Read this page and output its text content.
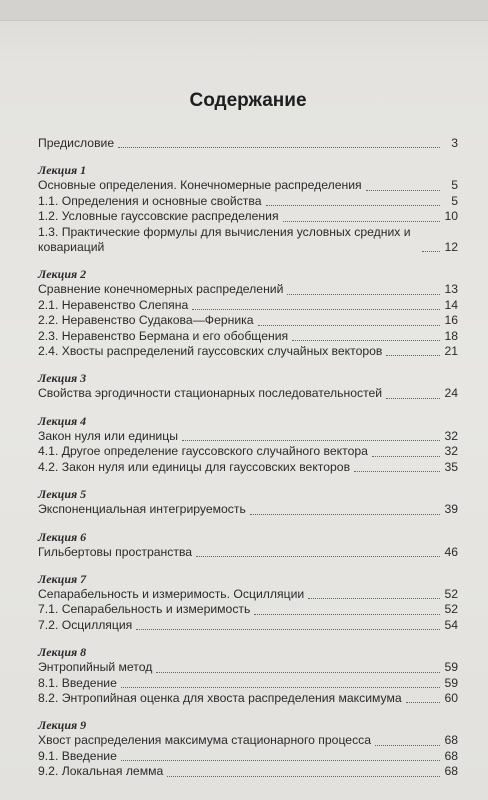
Содержание
Предисловие	3
Лекция 1
Основные определения. Конечномерные распределения	5
1.1. Определения и основные свойства	5
1.2. Условные гауссовские распределения	10
1.3. Практические формулы для вычисления условных средних и ковариаций	12
Лекция 2
Сравнение конечномерных распределений	13
2.1. Неравенство Слепяна	14
2.2. Неравенство Судакова—Ферника	16
2.3. Неравенство Бермана и его обобщения	18
2.4. Хвосты распределений гауссовских случайных векторов	21
Лекция 3
Свойства эргодичности стационарных последовательностей	24
Лекция 4
Закон нуля или единицы	32
4.1. Другое определение гауссовского случайного вектора	32
4.2. Закон нуля или единицы для гауссовских векторов	35
Лекция 5
Экспоненциальная интегрируемость	39
Лекция 6
Гильбертовы пространства	46
Лекция 7
Сепарабельность и измеримость. Осцилляции	52
7.1. Сепарабельность и измеримость	52
7.2. Осцилляция	54
Лекция 8
Энтропийный метод	59
8.1. Введение	59
8.2. Энтропийная оценка для хвоста распределения максимума	60
Лекция 9
Хвост распределения максимума стационарного процесса	68
9.1. Введение	68
9.2. Локальная лемма	68
